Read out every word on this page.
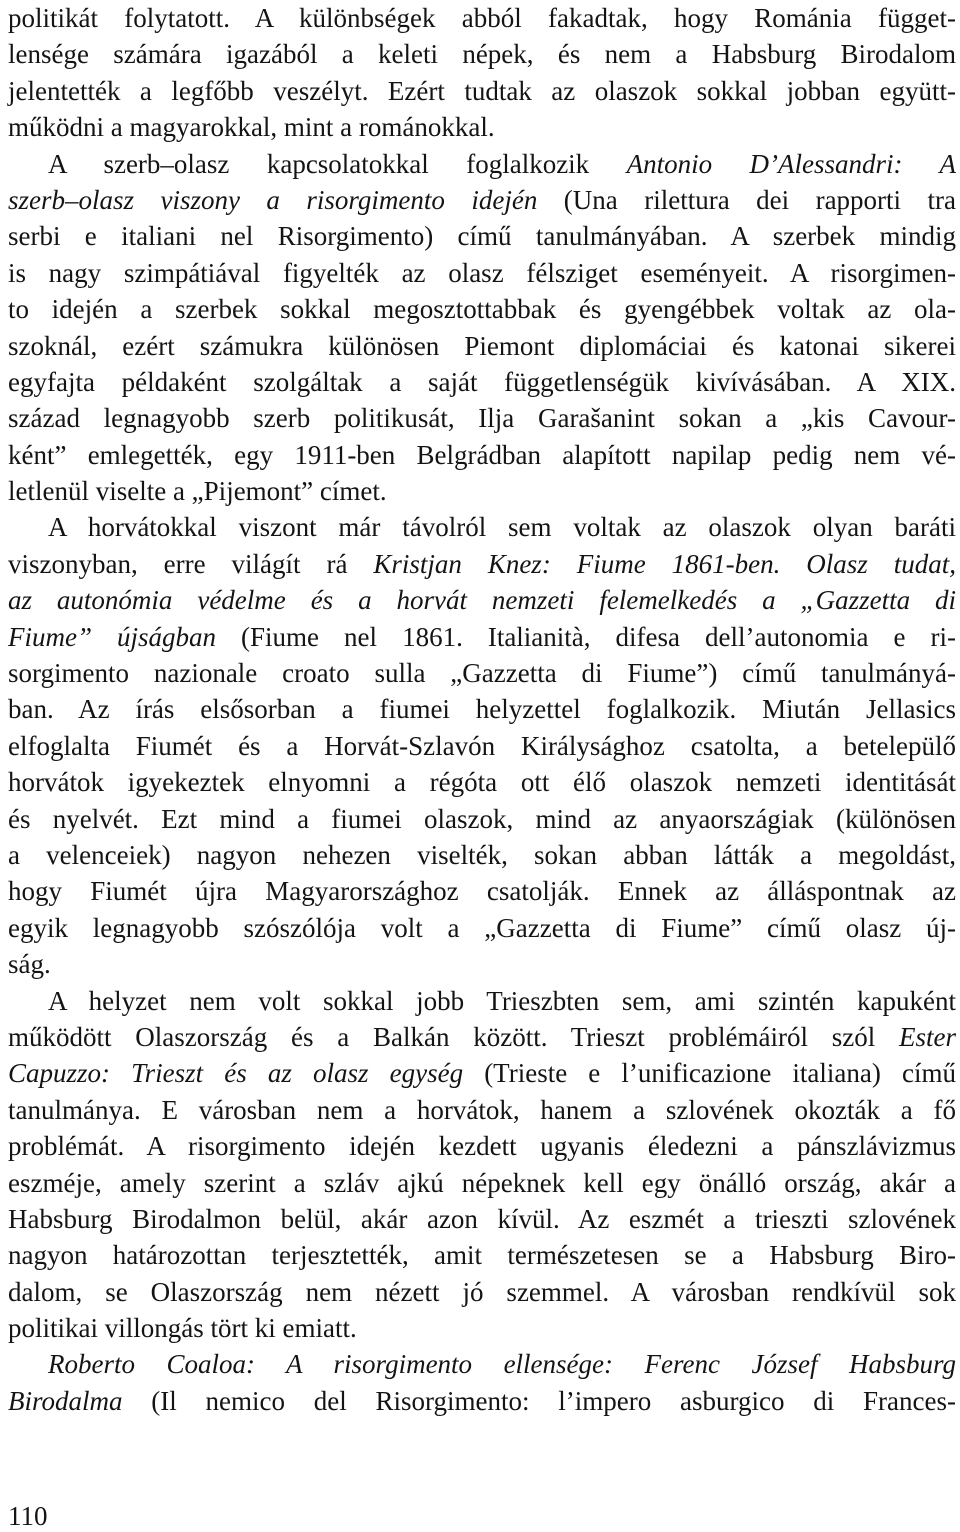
politikát folytatott. A különbségek abból fakadtak, hogy Románia függet-
lensége számára igazából a keleti népek, és nem a Habsburg Birodalom
jelentették a legfőbb veszélyt. Ezért tudtak az olaszok sokkal jobban együtt-
működni a magyarokkal, mint a románokkal.
A szerb–olasz kapcsolatokkal foglalkozik Antonio D’Alessandri: A
szerb–olasz viszony a risorgimento idején (Una rilettura dei rapporti tra
serbi e italiani nel Risorgimento) című tanulmányában. A szerbek mindig
is nagy szimpátiával figyelték az olasz félsziget eseményeit. A risorgimen-
to idején a szerbek sokkal megosztottabbak és gyengébbek voltak az ola-
szoknál, ezért számukra különösen Piemont diplomáciai és katonai sikerei
egyfajta példaként szolgáltak a saját függetlenségük kivívásában. A XIX.
század legnagyobb szerb politikusát, Ilja Garašanint sokan a „kis Cavour-
ként” emlegették, egy 1911-ben Belgrádban alapított napilap pedig nem vé-
letlenül viselte a „Pijemont” címet.
A horvátokkal viszont már távolról sem voltak az olaszok olyan baráti
viszonyban, erre világít rá Kristjan Knez: Fiume 1861-ben. Olasz tudat,
az autonómia védelme és a horvát nemzeti felemelkedés a „Gazzetta di
Fiume” újságban (Fiume nel 1861. Italianità, difesa dell’autonomia e ri-
sorgimento nazionale croato sulla „Gazzetta di Fiume”) című tanulmányá-
ban. Az írás elsősorban a fiumei helyzettel foglalkozik. Miután Jellasics
elfoglalta Fiumét és a Horvát-Szlavón Királysághoz csatolta, a betelepülő
horvátok igyekeztek elnyomni a régóta ott élő olaszok nemzeti identitását
és nyelvét. Ezt mind a fiumei olaszok, mind az anyaországiak (különösen
a velenceiek) nagyon nehezen viselték, sokan abban látták a megoldást,
hogy Fiumét újra Magyarországhoz csatolják. Ennek az álláspontnak az
egyik legnagyobb szószólója volt a „Gazzetta di Fiume” című olasz új-
ság.
A helyzet nem volt sokkal jobb Trieszbten sem, ami szintén kapuként
működött Olaszország és a Balkán között. Trieszt problémáiról szól Ester
Capuzzo: Trieszt és az olasz egység (Trieste e l’unificazione italiana) című
tanulmánya. E városban nem a horvátok, hanem a szlovének okozták a fő
problémát. A risorgimento idején kezdett ugyanis éledezni a pánszlávizmus
eszméje, amely szerint a szláv ajkú népeknek kell egy önálló ország, akár a
Habsburg Birodalmon belül, akár azon kívül. Az eszmét a trieszti szlovének
nagyon határozottan terjesztették, amit természetesen se a Habsburg Biro-
dalom, se Olaszország nem nézett jó szemmel. A városban rendkívül sok
politikai villongás tört ki emiatt.
Roberto Coaloa: A risorgimento ellensége: Ferenc József Habsburg
Birodalma (Il nemico del Risorgimento: l’impero asburgico di Frances-
110
